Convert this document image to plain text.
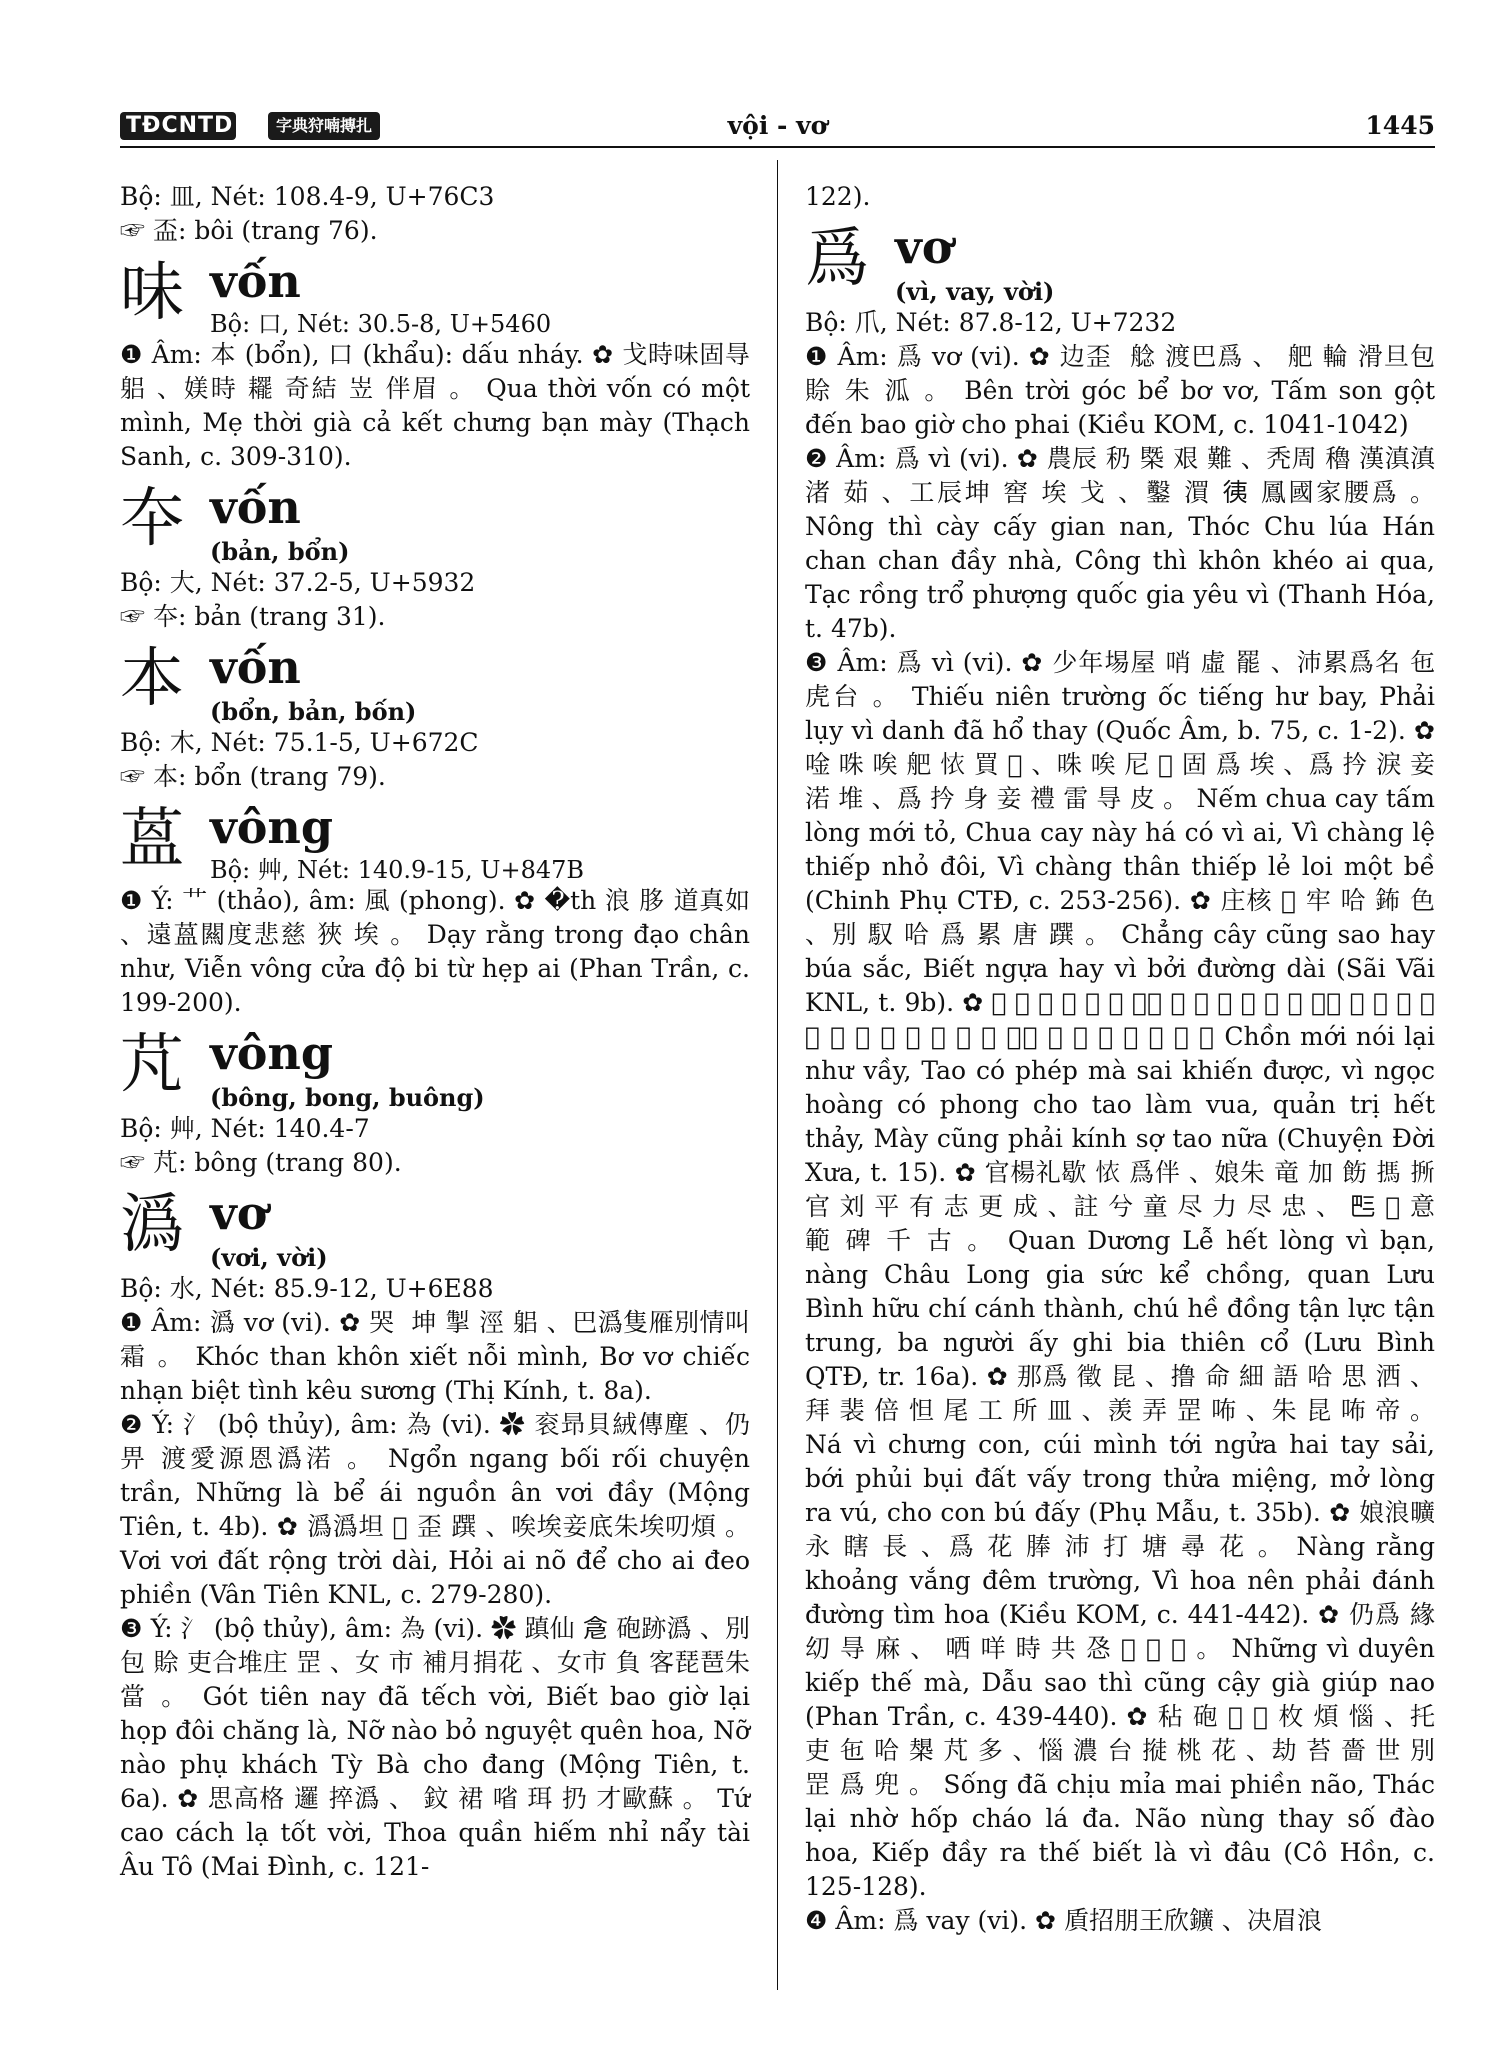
TĐCNTD	字典狩喃摶扎	vội - vơ	1445
Bộ: 皿, Nét: 108.4-9, U+76C3
☞ 盃: bôi (trang 76).
味 vốn
Bộ: 口, Nét: 30.5-8, U+5460

❶ Âm: 本 (bổn), 口 (khẩu): dấu nháy. ✿ 戈時味固㝵 躳 、媄時 䎱 奇結 岦 伴眉 。 Qua thời vốn có một mình, Mẹ thời già cả kết chưng bạn mày (Thạch Sanh, c. 309-310).

夲 vốn
(bản, bổn)
Bộ: 大, Nét: 37.2-5, U+5932

☞ 夲: bản (trang 31).

本 vốn
(bổn, bản, bốn)
Bộ: 木, Nét: 75.1-5, U+672C

☞ 本: bổn (trang 79).

蒕 vông
Bộ: 艸, Nét: 140.9-15, U+847B

❶ Ý: 艹 (thảo), âm: 風 (phong). ✿ �th 浪 䏧 道真如 、遠蒕闗度悲慈 狹 埃 。 Dạy rằng trong đạo chân như, Viễn vông cửa độ bi từ hẹp ai (Phan Trần, c. 199-200).

芃 vông
(bông, bong, buông)
Bộ: 艸, Nét: 140.4-7

☞ 芃: bông (trang 80).

潙 vơ
(vơi, vời)
Bộ: 水, Nét: 85.9-12, U+6E88

❶ Âm: 潙 vơ (vi). ✿ 哭 󠄀 坤 掣 涇 躳 、巴潙隻雁別情叫霜 。 Khóc than khôn xiết nỗi mình, Bơ vơ chiếc nhạn biệt tình kêu sương (Thị Kính, t. 8a).

❷ Ý: 氵 (bộ thủy), âm: 為 (vi). ✿ 衮昻貝絨傳塵 、仍畀 渡愛源恩潙渃 。 Ngổn ngang bối rối chuyện trần, Những là bể ái nguồn ân vơi đầy (Mộng Tiên, t. 4b). ✿ 潙潙坦 𡗶 歪 䠣 、唉埃妾底朱埃叨煩 。 Vơi vơi đất rộng trời dài, Hỏi ai nõ để cho ai đeo phiền (Vân Tiên KNL, c. 279-280).

❸ Ý: 氵 (bộ thủy), âm: 為 (vi). ✿ 蹎仙 𠉞 砲跡潙 、別包 賒 吏合堆庄 罡 、女 市 補月捐花 、女市 負 客琵琶朱當 。 Gót tiên nay đã tếch vời, Biết bao giờ lại họp đôi chăng là, Nỡ nào bỏ nguyệt quên hoa, Nỡ nào phụ khách Tỳ Bà cho đang (Mộng Tiên, t. 6a). ✿ 思高格 邏 捽潙 、 鈫 裙 㗂 珥 扔 才歐蘇 。 Tứ cao cách lạ tốt vời, Thoa quần hiếm nhỉ nẩy tài Âu Tô (Mai Đình, c. 121-

122).
爲 vơ
(vì, vay, vời)
Bộ: 爪, Nét: 87.8-12, U+7232

❶ Âm: 爲 vơ (vi). ✿ 边歪 󠄀 艌 渡巴爲 、 舥 輪 滑旦包 賒 朱 泒 。 Bên trời góc bể bơ vơ, Tấm son gột đến bao giờ cho phai (Kiều KOM, c. 1041-1042)

❷ Âm: 爲 vì (vi). ✿ 農辰 䄧 㮣 艰 難 、秃周 穭 漢滇滇 渚 茹 、工辰坤 窖 埃 戈 、鑿 㵋 𢓡 鳳國家腰爲 。 Nông thì cày cấy gian nan, Thóc Chu lúa Hán chan chan đầy nhà, Công thì khôn khéo ai qua, Tạc rồng trổ phượng quốc gia yêu vì (Thanh Hóa, t. 47b).

❸ Âm: 爲 vì (vi). ✿ 少年埸屋 哨 虛 罷 、沛累爲名 㐌 虎台 。 Thiếu niên trường ốc tiếng hư bay, Phải lụy vì danh đã hổ thay (Quốc Âm, b. 75, c. 1-2). ✿ 唫 咮 唉 舥 𢙇 買 𤐝 、咮 唉 尼 𠰳 固 爲 埃 、爲 扲 淚 妾 渃 堆 、爲 扲 身 妾 禮 雷 㝵 皮 。 Nếm chua cay tấm lòng mới tỏ, Chua cay này há có vì ai, Vì chàng lệ thiếp nhỏ đôi, Vì chàng thân thiếp lẻ loi một bề (Chinh Phụ CTĐ, c. 253-256). ✿ 庄核 𢬣 牢 哈 鈽 色 、別 馭 哈 爲 累 唐 䠣 。 Chẳng cây cũng sao hay búa sắc, Biết ngựa hay vì bởi đường dài (Sãi Vãi KNL, t. 9b). ✿ 𤞻 買 呐 吏 如 丕 、蚤 㕷 法 麻 差 遣 特 、爲 王 皇 固 封 朱 蚤 濫 𢂞 管 治 歇 汰 、眉 拱 沛 敬 怍 蚤 女 。 Chồn mới nói lại như vầy, Tao có phép mà sai khiến được, vì ngọc hoàng có phong cho tao làm vua, quản trị hết thảy, Mày cũng phải kính sợ tao nữa (Chuyện Đời Xưa, t. 15). ✿ 官楊礼歇 𢙇 爲伴 、娘朱 竜 加 飭 𢲫 𢯢 官 刘 平 有 志 更 成 、註 兮 童 尽 力 尽 忠 、 𠀧 𠊚 意 範 碑 千 古 。 Quan Dương Lễ hết lòng vì bạn, nàng Châu Long gia sức kể chồng, quan Lưu Bình hữu chí cánh thành, chú hề đồng tận lực tận trung, ba người ấy ghi bia thiên cổ (Lưu Bình QTĐ, tr. 16a). ✿ 那爲 徵 昆 、撸 命 細 語 哈 思 洒 、拜 裴 倍 怛 尾 工 所 皿 、羡 弄 罡 咘 、朱 昆 咘 帝 。 Ná vì chưng con, cúi mình tới ngửa hai tay sải, bới phủi bụi đất vấy trong thửa miệng, mở lòng ra vú, cho con bú đấy (Phụ Mẫu, t. 35b). ✿ 娘浪曠永 瞎 長 、爲 花 䏾 沛 打 塘 尋 花 。 Nàng rằng khoảng vắng đêm trường, Vì hoa nên phải đánh đường tìm hoa (Kiều KOM, c. 441-442). ✿ 仍爲 緣 㓜 㝵 麻 、 哂 咩 時 共 㤂 𦀊 𠿚 𥙩 。 Những vì duyên kiếp thế mà, Dẫu sao thì cũng cậy già giúp nao (Phan Trần, c. 439-440). ✿ 秥 砲 𥾘 𥾛 枚 煩 惱 、托 吏 㐌 哈 槼 芃 多 、惱 濃 台 𢲛 桃 花 、劫 苔 嗇 世 別 罡 爲 兜 。 Sống đã chịu mỉa mai phiền não, Thác lại nhờ hốp cháo lá đa. Não nùng thay số đào hoa, Kiếp đầy ra thế biết là vì đâu (Cô Hồn, c. 125-128).

❹ Âm: 爲 vay (vi). ✿ 貭招朋王欣鑛 、决眉浪
